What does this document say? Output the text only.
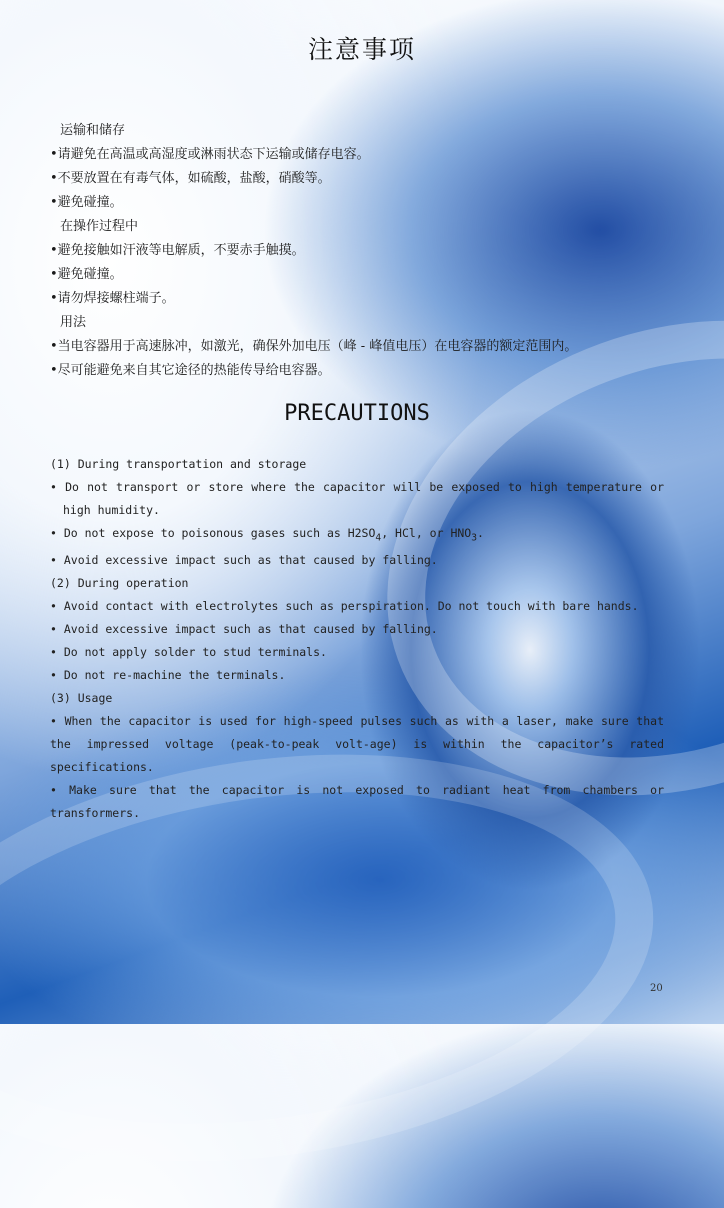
注意事项
运输和储存
•请避免在高温或高湿度或淋雨状态下运输或储存电容。
•不要放置在有毒气体，如硫酸，盐酸，硝酸等。
•避免碰撞。
在操作过程中
•避免接触如汗液等电解质，不要赤手触摸。
•避免碰撞。
•请勿焊接螺柱端子。
用法
•当电容器用于高速脉冲，如激光，确保外加电压（峰 - 峰值电压）在电容器的额定范围内。
•尽可能避免来自其它途径的热能传导给电容器。
PRECAUTIONS
(1) During transportation and storage
• Do not transport or store where the capacitor will be exposed to high temperature or high humidity.
• Do not expose to poisonous gases such as $H2SO_4$, HCl, or $HNO_3$.
• Avoid excessive impact such as that caused by falling.
(2) During operation
• Avoid contact with electrolytes such as perspiration. Do not touch with bare hands.
• Avoid excessive impact such as that caused by falling.
• Do not apply solder to stud terminals.
• Do not re-machine the terminals.
(3) Usage
• When the capacitor is used for high-speed pulses such as with a laser, make sure that the impressed voltage (peak-to-peak volt-age) is within the capacitor’s rated specifications.
• Make sure that the capacitor is not exposed to radiant heat from chambers or transformers.
20
